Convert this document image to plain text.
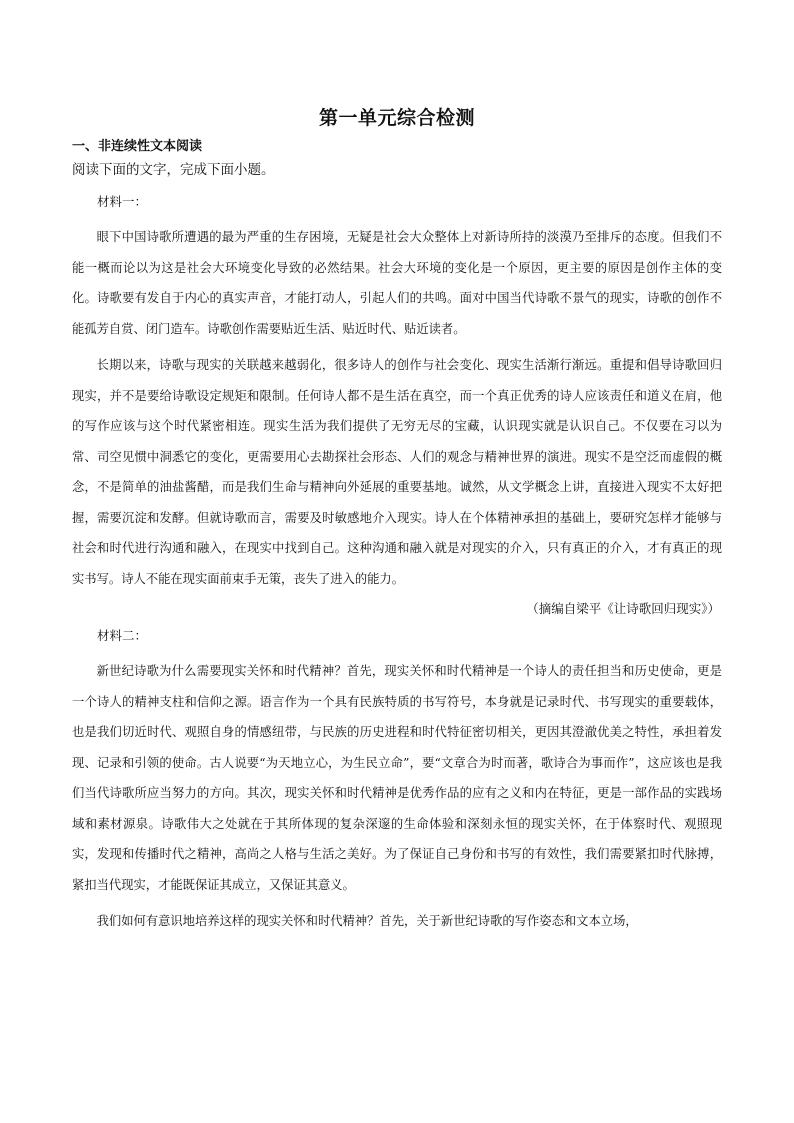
第一单元综合检测
一、非连续性文本阅读
阅读下面的文字，完成下面小题。
材料一：

眼下中国诗歌所遭遇的最为严重的生存困境，无疑是社会大众整体上对新诗所持的淡漠乃至排斥的态度。但我们不能一概而论以为这是社会大环境变化导致的必然结果。社会大环境的变化是一个原因，更主要的原因是创作主体的变化。诗歌要有发自于内心的真实声音，才能打动人，引起人们的共鸣。面对中国当代诗歌不景气的现实，诗歌的创作不能孤芳自赏、闭门造车。诗歌创作需要贴近生活、贴近时代、贴近读者。

长期以来，诗歌与现实的关联越来越弱化，很多诗人的创作与社会变化、现实生活渐行渐远。重提和倡导诗歌回归现实，并不是要给诗歌设定规矩和限制。任何诗人都不是生活在真空，而一个真正优秀的诗人应该责任和道义在肩，他的写作应该与这个时代紧密相连。现实生活为我们提供了无穷无尽的宝藏，认识现实就是认识自己。不仅要在习以为常、司空见惯中洞悉它的变化，更需要用心去勘探社会形态、人们的观念与精神世界的演进。现实不是空泛而虚假的概念，不是简单的油盐酱醋，而是我们生命与精神向外延展的重要基地。诚然，从文学概念上讲，直接进入现实不太好把握，需要沉淀和发酵。但就诗歌而言，需要及时敏感地介入现实。诗人在个体精神承担的基础上，要研究怎样才能够与社会和时代进行沟通和融入，在现实中找到自己。这种沟通和融入就是对现实的介入，只有真正的介入，才有真正的现实书写。诗人不能在现实面前束手无策，丧失了进入的能力。

（摘编自梁平《让诗歌回归现实》）
材料二：

新世纪诗歌为什么需要现实关怀和时代精神？首先，现实关怀和时代精神是一个诗人的责任担当和历史使命，更是一个诗人的精神支柱和信仰之源。语言作为一个具有民族特质的书写符号，本身就是记录时代、书写现实的重要载体，也是我们切近时代、观照自身的情感纽带，与民族的历史进程和时代特征密切相关，更因其澄澈优美之特性，承担着发现、记录和引领的使命。古人说要“为天地立心，为生民立命”，要“文章合为时而著，歌诗合为事而作”，这应该也是我们当代诗歌所应当努力的方向。其次，现实关怀和时代精神是优秀作品的应有之义和内在特征，更是一部作品的实践场域和素材源泉。诗歌伟大之处就在于其所体现的复杂深邃的生命体验和深刻永恒的现实关怀，在于体察时代、观照现实，发现和传播时代之精神，高尚之人格与生活之美好。为了保证自己身份和书写的有效性，我们需要紧扣时代脉搏，紧扣当代现实，才能既保证其成立，又保证其意义。

我们如何有意识地培养这样的现实关怀和时代精神？首先，关于新世纪诗歌的写作姿态和文本立场，
